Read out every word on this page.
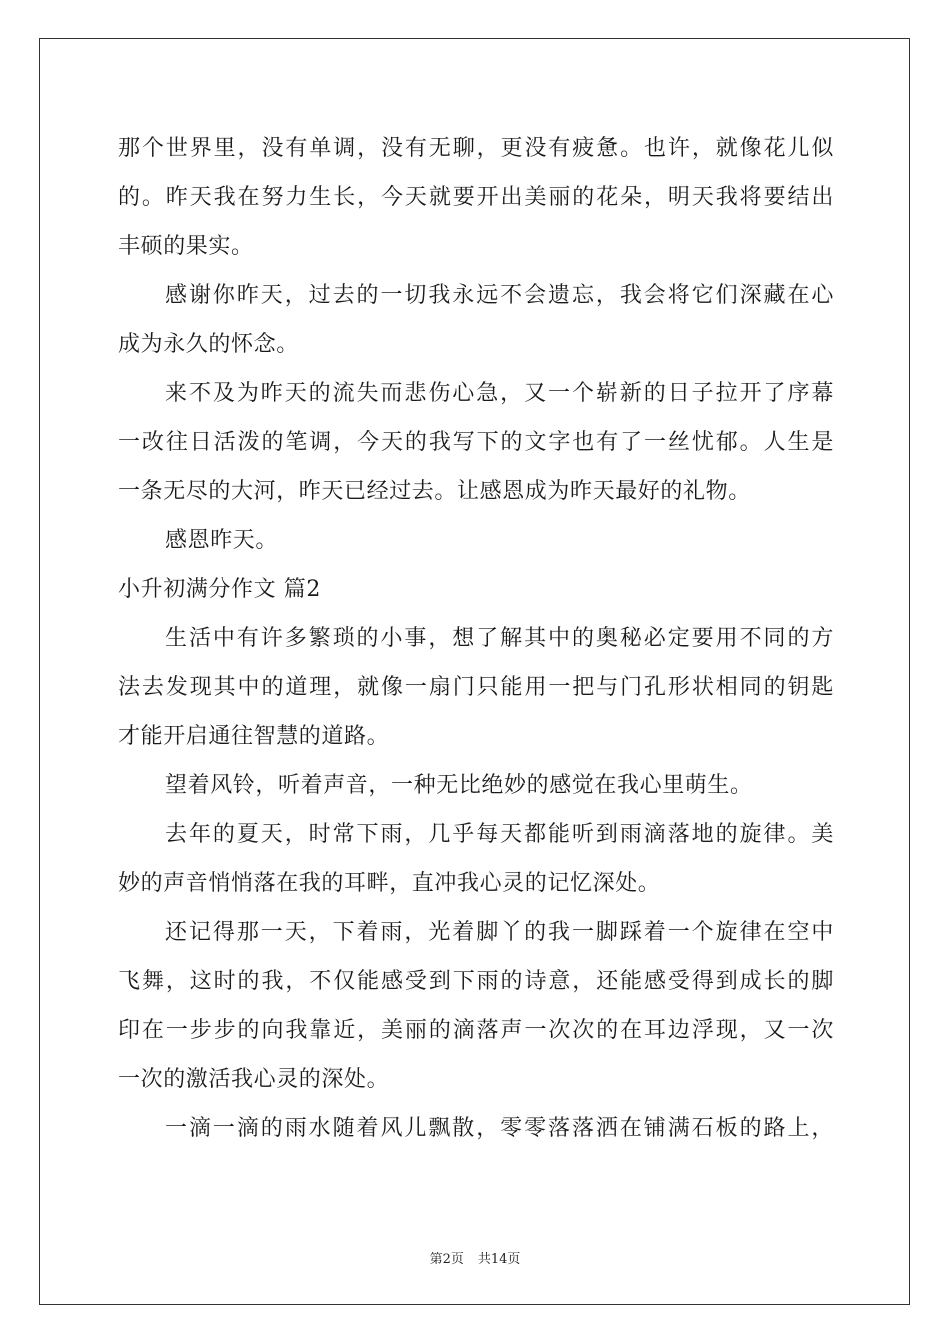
那个世界里，没有单调，没有无聊，更没有疲惫。也许，就像花儿似
的。昨天我在努力生长，今天就要开出美丽的花朵，明天我将要结出
丰硕的果实。
感谢你昨天，过去的一切我永远不会遗忘，我会将它们深藏在心
成为永久的怀念。
来不及为昨天的流失而悲伤心急，又一个崭新的日子拉开了序幕
一改往日活泼的笔调，今天的我写下的文字也有了一丝忧郁。人生是
一条无尽的大河，昨天已经过去。让感恩成为昨天最好的礼物。
感恩昨天。
小升初满分作文 篇2
生活中有许多繁琐的小事，想了解其中的奥秘必定要用不同的方
法去发现其中的道理，就像一扇门只能用一把与门孔形状相同的钥匙
才能开启通往智慧的道路。
望着风铃，听着声音，一种无比绝妙的感觉在我心里萌生。
去年的夏天，时常下雨，几乎每天都能听到雨滴落地的旋律。美
妙的声音悄悄落在我的耳畔，直冲我心灵的记忆深处。
还记得那一天，下着雨，光着脚丫的我一脚踩着一个旋律在空中
飞舞，这时的我，不仅能感受到下雨的诗意，还能感受得到成长的脚
印在一步步的向我靠近，美丽的滴落声一次次的在耳边浮现，又一次
一次的激活我心灵的深处。
一滴一滴的雨水随着风儿飘散，零零落落洒在铺满石板的路上，
第2页 共14页
